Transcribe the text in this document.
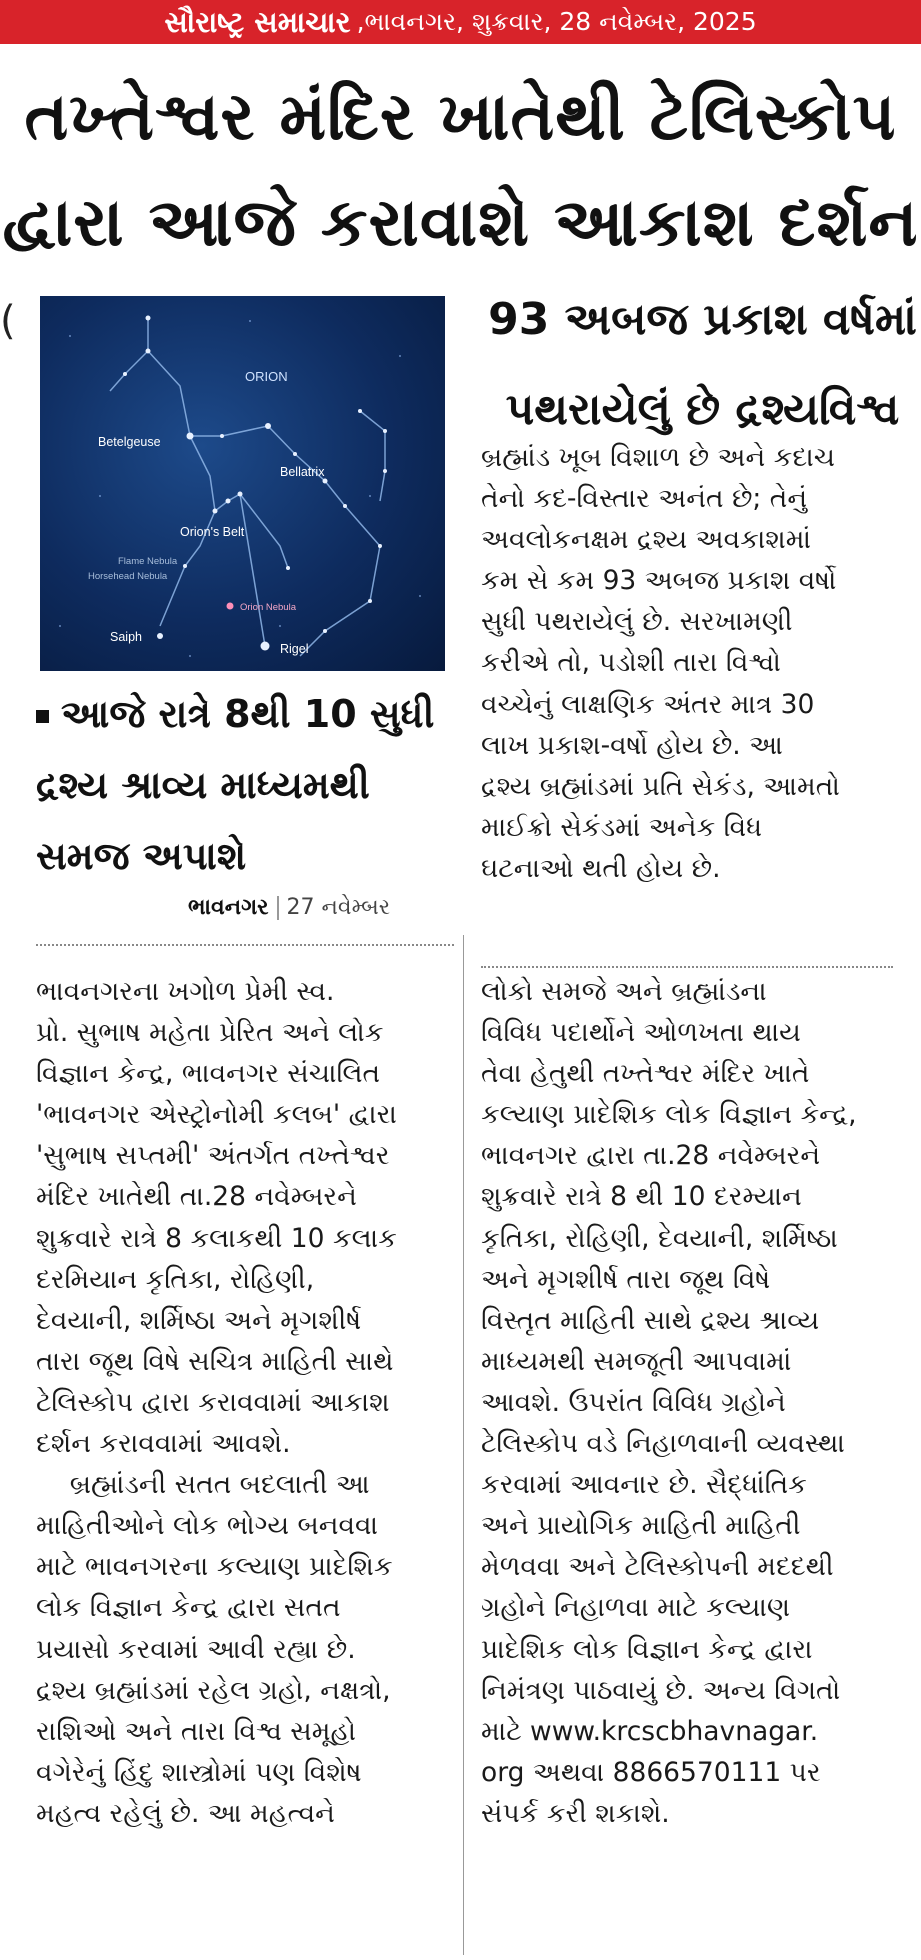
સૌરાષ્ટ્ર સમાચાર ,ભાવનગર, શુક્રવાર, 28 નવેમ્બર, 2025
તખ્તેશ્વર મંદિર ખાતેથી ટેલિસ્કોપ
દ્વારા આજે કરાવાશે આકાશ દર્શન
(
ORION
Betelgeuse
Bellatrix
Orion's Belt
Flame Nebula
Horsehead Nebula
Orion Nebula
Saiph
Rigel
93 અબજ પ્રકાશ વર્ષમાં
પથરાયેલું છે દ્રશ્યવિશ્વ
આજે રાત્રે 8થી 10 સુધી
દ્રશ્ય શ્રાવ્ય માધ્યમથી
સમજ અપાશે
ભાવનગર 27 નવેમ્બર
બ્રહ્માંડ ખૂબ વિશાળ છે અને કદાચ
તેનો કદ-વિસ્તાર અનંત છે; તેનું
અવલોકનક્ષમ દ્રશ્ય અવકાશમાં
કમ સે કમ 93 અબજ પ્રકાશ વર્ષો
સુધી પથરાયેલું છે. સરખામણી
કરીએ તો, પડોશી તારા વિશ્વો
વચ્ચેનું લાક્ષણિક અંતર માત્ર 30
લાખ પ્રકાશ-વર્ષો હોય છે. આ
દ્રશ્ય બ્રહ્માંડમાં પ્રતિ સેકંડ, આમતો
માઈક્રો સેકંડમાં અનેક વિધ
ઘટનાઓ થતી હોય છે.
ભાવનગરના ખગોળ પ્રેમી સ્વ.
પ્રો. સુભાષ મહેતા પ્રેરિત અને લોક
વિજ્ઞાન કેન્દ્ર, ભાવનગર સંચાલિત
'ભાવનગર એસ્ટ્રોનોમી કલબ' દ્વારા
'સુભાષ સપ્તમી' અંતર્ગત તખ્તેશ્વર
મંદિર ખાતેથી તા.28 નવેમ્બરને
શુક્રવારે રાત્રે 8 કલાકથી 10 કલાક
દરમિયાન કૃતિકા, રોહિણી,
દેવયાની, શર્મિષ્ઠા અને મૃગશીર્ષ
તારા જૂથ વિષે સચિત્ર માહિતી સાથે
ટેલિસ્કોપ દ્વારા કરાવવામાં આકાશ
દર્શન કરાવવામાં આવશે.
બ્રહ્માંડની સતત બદલાતી આ
માહિતીઓને લોક ભોગ્ય બનવવા
માટે ભાવનગરના કલ્યાણ પ્રાદેશિક
લોક વિજ્ઞાન કેન્દ્ર દ્વારા સતત
પ્રયાસો કરવામાં આવી રહ્યા છે.
દ્રશ્ય બ્રહ્માંડમાં રહેલ ગ્રહો, નક્ષત્રો,
રાશિઓ અને તારા વિશ્વ સમૂહો
વગેરેનું હિંદુ શાસ્ત્રોમાં પણ વિશેષ
મહત્વ રહેલું છે. આ મહત્વને
લોકો સમજે અને બ્રહ્માંડના
વિવિધ પદાર્થોને ઓળખતા થાય
તેવા હેતુથી તખ્તેશ્વર મંદિર ખાતે
કલ્યાણ પ્રાદેશિક લોક વિજ્ઞાન કેન્દ્ર,
ભાવનગર દ્વારા તા.28 નવેમ્બરને
શુક્રવારે રાત્રે 8 થી 10 દરમ્યાન
કૃતિકા, રોહિણી, દેવયાની, શર્મિષ્ઠા
અને મૃગશીર્ષ તારા જૂથ વિષે
વિસ્તૃત માહિતી સાથે દ્રશ્ય શ્રાવ્ય
માધ્યમથી સમજૂતી આપવામાં
આવશે. ઉપરાંત વિવિધ ગ્રહોને
ટેલિસ્કોપ વડે નિહાળવાની વ્યવસ્થા
કરવામાં આવનાર છે. સૈદ્ધાંતિક
અને પ્રાયોગિક માહિતી માહિતી
મેળવવા અને ટેલિસ્કોપની મદદથી
ગ્રહોને નિહાળવા માટે કલ્યાણ
પ્રાદેશિક લોક વિજ્ઞાન કેન્દ્ર દ્વારા
નિમંત્રણ પાઠવાયું છે. અન્ય વિગતો
માટે www.krcscbhavnagar.
org અથવા 8866570111 પર
સંપર્ક કરી શકાશે.
